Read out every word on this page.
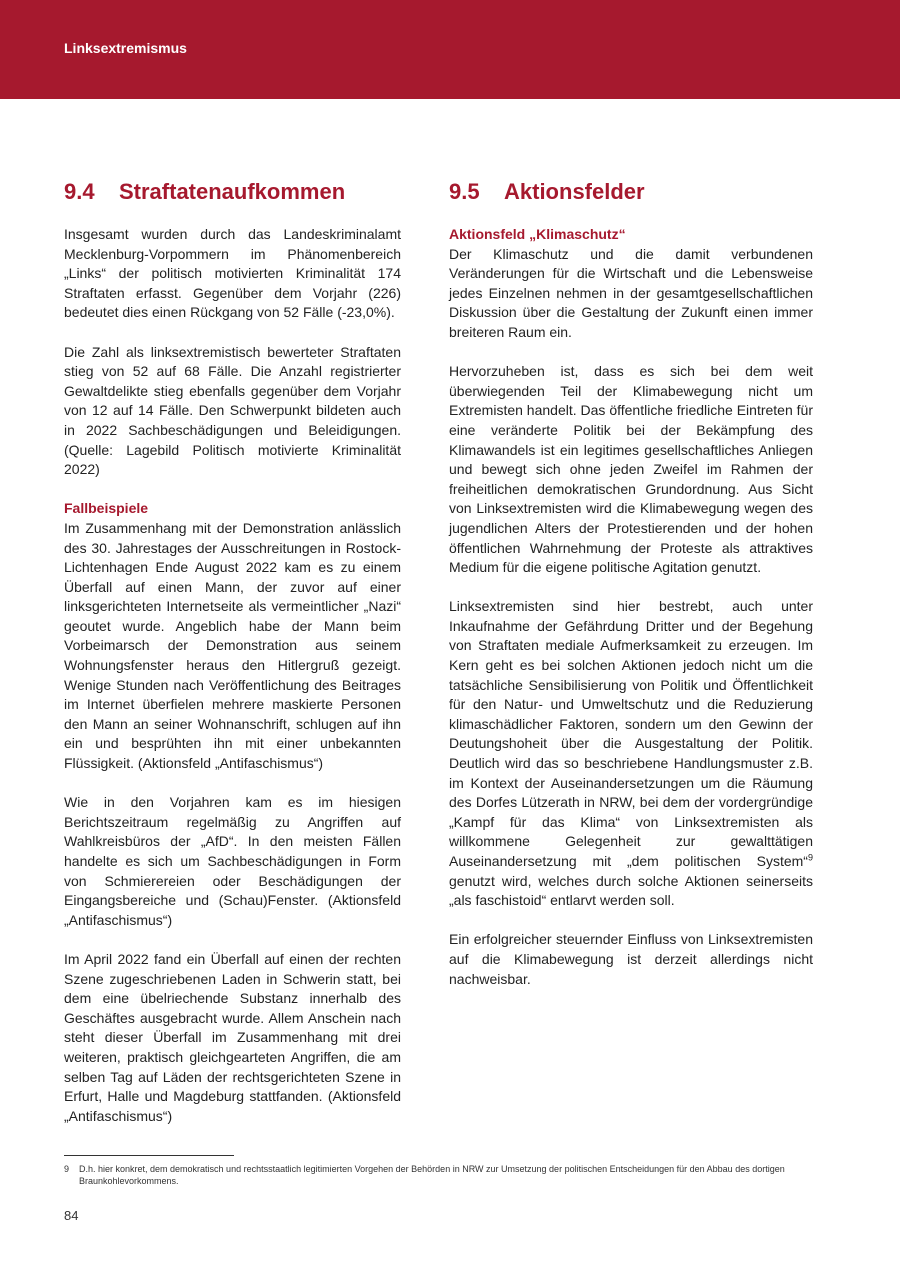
Linksextremismus
9.4 Straftatenaufkommen

Insgesamt wurden durch das Landeskriminalamt Mecklenburg-Vorpommern im Phänomenbereich „Links“ der politisch motivierten Kriminalität 174 Straftaten erfasst. Gegenüber dem Vorjahr (226) bedeutet dies einen Rückgang von 52 Fälle (-23,0%).

Die Zahl als linksextremistisch bewerteter Straftaten stieg von 52 auf 68 Fälle. Die Anzahl registrierter Gewaltdelikte stieg ebenfalls gegenüber dem Vorjahr von 12 auf 14 Fälle. Den Schwerpunkt bildeten auch in 2022 Sachbeschädigungen und Beleidigungen. (Quelle: Lagebild Politisch motivierte Kriminalität 2022)

Fallbeispiele

Im Zusammenhang mit der Demonstration anlässlich des 30. Jahrestages der Ausschreitungen in Rostock-Lichtenhagen Ende August 2022 kam es zu einem Überfall auf einen Mann, der zuvor auf einer linksgerichteten Internetseite als vermeintlicher „Nazi“ geoutet wurde. Angeblich habe der Mann beim Vorbeimarsch der Demonstration aus seinem Wohnungsfenster heraus den Hitlergruß gezeigt. Wenige Stunden nach Veröffentlichung des Beitrages im Internet überfielen mehrere maskierte Personen den Mann an seiner Wohnanschrift, schlugen auf ihn ein und besprühten ihn mit einer unbekannten Flüssigkeit. (Aktionsfeld „Antifaschismus“)

Wie in den Vorjahren kam es im hiesigen Berichtszeitraum regelmäßig zu Angriffen auf Wahlkreisbüros der „AfD“. In den meisten Fällen handelte es sich um Sachbeschädigungen in Form von Schmierereien oder Beschädigungen der Eingangsbereiche und (Schau)Fenster. (Aktionsfeld „Antifaschismus“)

Im April 2022 fand ein Überfall auf einen der rechten Szene zugeschriebenen Laden in Schwerin statt, bei dem eine übelriechende Substanz innerhalb des Geschäftes ausgebracht wurde. Allem Anschein nach steht dieser Überfall im Zusammenhang mit drei weiteren, praktisch gleichgearteten Angriffen, die am selben Tag auf Läden der rechtsgerichteten Szene in Erfurt, Halle und Magdeburg stattfanden. (Aktionsfeld „Antifaschismus“)

9.5 Aktionsfelder
Aktionsfeld „Klimaschutz“

Der Klimaschutz und die damit verbundenen Veränderungen für die Wirtschaft und die Lebensweise jedes Einzelnen nehmen in der gesamtgesellschaftlichen Diskussion über die Gestaltung der Zukunft einen immer breiteren Raum ein.

Hervorzuheben ist, dass es sich bei dem weit überwiegenden Teil der Klimabewegung nicht um Extremisten handelt. Das öffentliche friedliche Eintreten für eine veränderte Politik bei der Bekämpfung des Klimawandels ist ein legitimes gesellschaftliches Anliegen und bewegt sich ohne jeden Zweifel im Rahmen der freiheitlichen demokratischen Grundordnung. Aus Sicht von Linksextremisten wird die Klimabewegung wegen des jugendlichen Alters der Protestierenden und der hohen öffentlichen Wahrnehmung der Proteste als attraktives Medium für die eigene politische Agitation genutzt.

Linksextremisten sind hier bestrebt, auch unter Inkaufnahme der Gefährdung Dritter und der Begehung von Straftaten mediale Aufmerksamkeit zu erzeugen. Im Kern geht es bei solchen Aktionen jedoch nicht um die tatsächliche Sensibilisierung von Politik und Öffentlichkeit für den Natur- und Umweltschutz und die Reduzierung klimaschädlicher Faktoren, sondern um den Gewinn der Deutungshoheit über die Ausgestaltung der Politik. Deutlich wird das so beschriebene Handlungsmuster z.B. im Kontext der Auseinandersetzungen um die Räumung des Dorfes Lützerath in NRW, bei dem der vordergründige „Kampf für das Klima“ von Linksextremisten als willkommene Gelegenheit zur gewalttätigen Auseinandersetzung mit „dem politischen System“$^9$ genutzt wird, welches durch solche Aktionen seinerseits „als faschistoid“ entlarvt werden soll.

Ein erfolgreicher steuernder Einfluss von Linksextremisten auf die Klimabewegung ist derzeit allerdings nicht nachweisbar.

9 D.h. hier konkret, dem demokratisch und rechtsstaatlich legitimierten Vorgehen der Behörden in NRW zur Umsetzung der politischen Entscheidungen für den Abbau des dortigen Braunkohlevorkommens.
84
